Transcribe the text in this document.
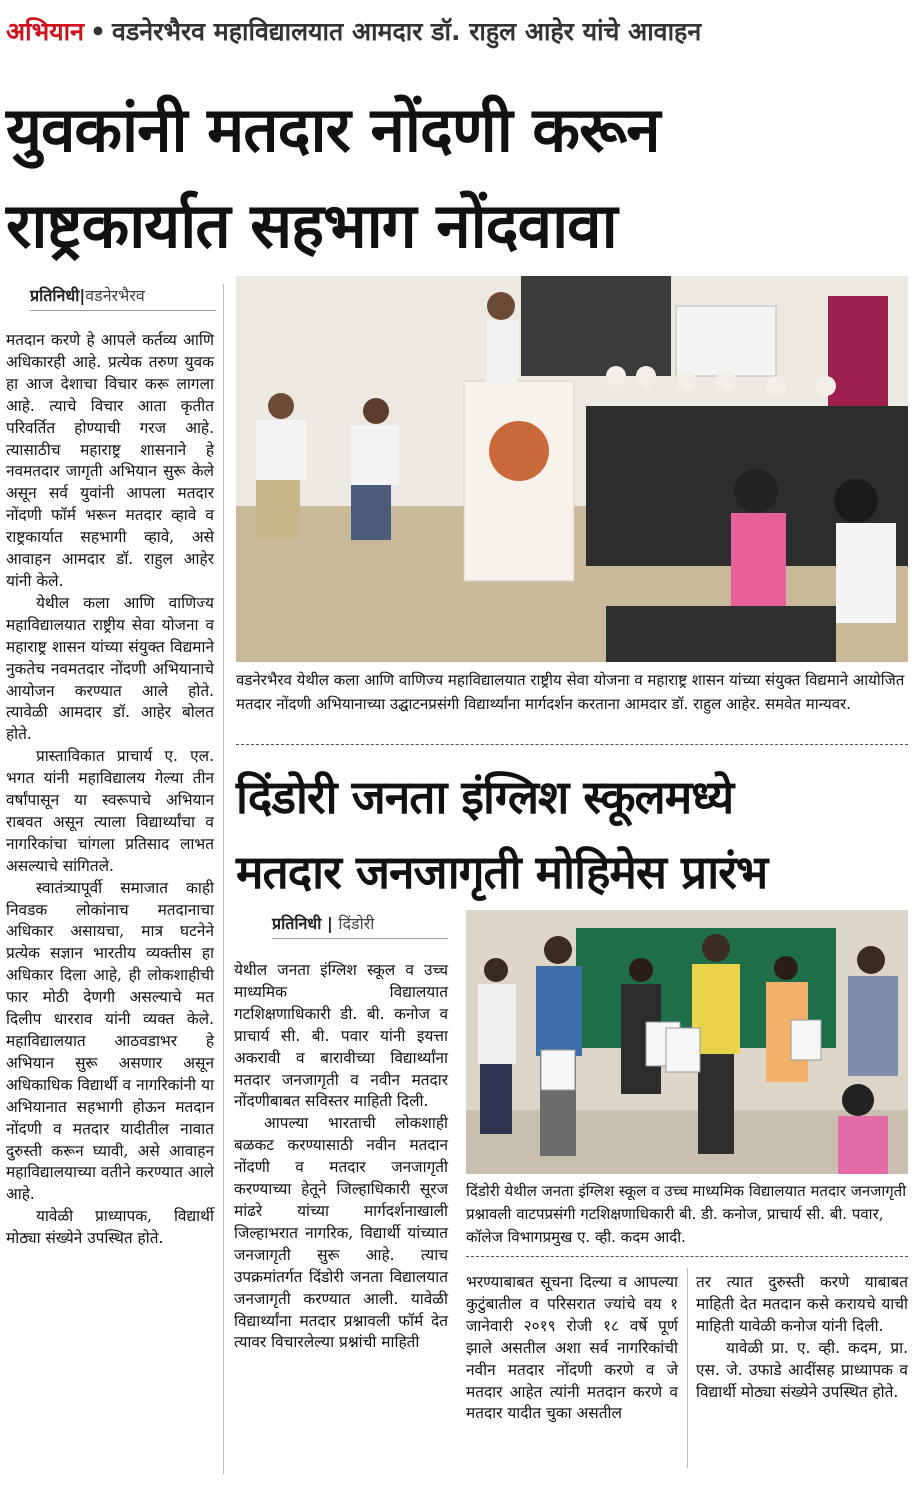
अभियान • वडनेरभैरव महाविद्यालयात आमदार डॉ. राहुल आहेर यांचे आवाहन
युवकांनी मतदार नोंदणी करून
राष्ट्रकार्यात सहभाग नोंदवावा
प्रतिनिधी|वडनेरभैरव

मतदान करणे हे आपले कर्तव्य आणि अधिकारही आहे. प्रत्येक तरुण युवक हा आज देशाचा विचार करू लागला आहे. त्याचे विचार आता कृतीत परिवर्तित होण्याची गरज आहे. त्यासाठीच महाराष्ट्र शासनाने हे नवमतदार जागृती अभियान सुरू केले असून सर्व युवांनी आपला मतदार नोंदणी फॉर्म भरून मतदार व्हावे व राष्ट्रकार्यात सहभागी व्हावे, असे आवाहन आमदार डॉ. राहुल आहेर यांनी केले.

येथील कला आणि वाणिज्य महाविद्यालयात राष्ट्रीय सेवा योजना व महाराष्ट्र शासन यांच्या संयुक्त विद्यमाने नुकतेच नवमतदार नोंदणी अभियानाचे आयोजन करण्यात आले होते. त्यावेळी आमदार डॉ. आहेर बोलत होते.

प्रास्ताविकात प्राचार्य ए. एल. भगत यांनी महाविद्यालय गेल्या तीन वर्षांपासून या स्वरूपाचे अभियान राबवत असून त्याला विद्यार्थ्यांचा व नागरिकांचा चांगला प्रतिसाद लाभत असल्याचे सांगितले.

स्वातंत्र्यापूर्वी समाजात काही निवडक लोकांनाच मतदानाचा अधिकार असायचा, मात्र घटनेने प्रत्येक सज्ञान भारतीय व्यक्तीस हा अधिकार दिला आहे, ही लोकशाहीची फार मोठी देणगी असल्याचे मत दिलीप धारराव यांनी व्यक्त केले. महाविद्यालयात आठवडाभर हे अभियान सुरू असणार असून अधिकाधिक विद्यार्थी व नागरिकांनी या अभियानात सहभागी होऊन मतदान नोंदणी व मतदार यादीतील नावात दुरुस्ती करून घ्यावी, असे आवाहन महाविद्यालयाच्या वतीने करण्यात आले आहे.

यावेळी प्राध्यापक, विद्यार्थी मोठ्या संख्येने उपस्थित होते.

वडनेरभैरव येथील कला आणि वाणिज्य महाविद्यालयात राष्ट्रीय सेवा योजना व महाराष्ट्र शासन यांच्या संयुक्त विद्यमाने आयोजित मतदार नोंदणी अभियानाच्या उद्घाटनप्रसंगी विद्यार्थ्यांना मार्गदर्शन करताना आमदार डॉ. राहुल आहेर. समवेत मान्यवर.
दिंडोरी जनता इंग्लिश स्कूलमध्ये
मतदार जनजागृती मोहिमेस प्रारंभ
प्रतिनिधी | दिंडोरी

येथील जनता इंग्लिश स्कूल व उच्च माध्यमिक विद्यालयात गटशिक्षणाधिकारी डी. बी. कनोज व प्राचार्य सी. बी. पवार यांनी इयत्ता अकरावी व बारावीच्या विद्यार्थ्यांना मतदार जनजागृती व नवीन मतदार नोंदणीबाबत सविस्तर माहिती दिली.

आपल्या भारताची लोकशाही बळकट करण्यासाठी नवीन मतदान नोंदणी व मतदार जनजागृती करण्याच्या हेतूने जिल्हाधिकारी सूरज मांढरे यांच्या मार्गदर्शनाखाली जिल्हाभरात नागरिक, विद्यार्थी यांच्यात जनजागृती सुरू आहे. त्याच उपक्रमांतर्गत दिंडोरी जनता विद्यालयात जनजागृती करण्यात आली. यावेळी विद्यार्थ्यांना मतदार प्रश्नावली फॉर्म देत त्यावर विचारलेल्या प्रश्नांची माहिती

दिंडोरी येथील जनता इंग्लिश स्कूल व उच्च माध्यमिक विद्यालयात मतदार जनजागृती प्रश्नावली वाटपप्रसंगी गटशिक्षणाधिकारी बी. डी. कनोज, प्राचार्य सी. बी. पवार, कॉलेज विभागप्रमुख ए. व्ही. कदम आदी.

भरण्याबाबत सूचना दिल्या व आपल्या कुटुंबातील व परिसरात ज्यांचे वय १ जानेवारी २०१९ रोजी १८ वर्षे पूर्ण झाले असतील अशा सर्व नागरिकांची नवीन मतदार नोंदणी करणे व जे मतदार आहेत त्यांनी मतदान करणे व मतदार यादीत चुका असतील

तर त्यात दुरुस्ती करणे याबाबत माहिती देत मतदान कसे करायचे याची माहिती यावेळी कनोज यांनी दिली.

यावेळी प्रा. ए. व्ही. कदम, प्रा. एस. जे. उफाडे आदींसह प्राध्यापक व विद्यार्थी मोठ्या संख्येने उपस्थित होते.
